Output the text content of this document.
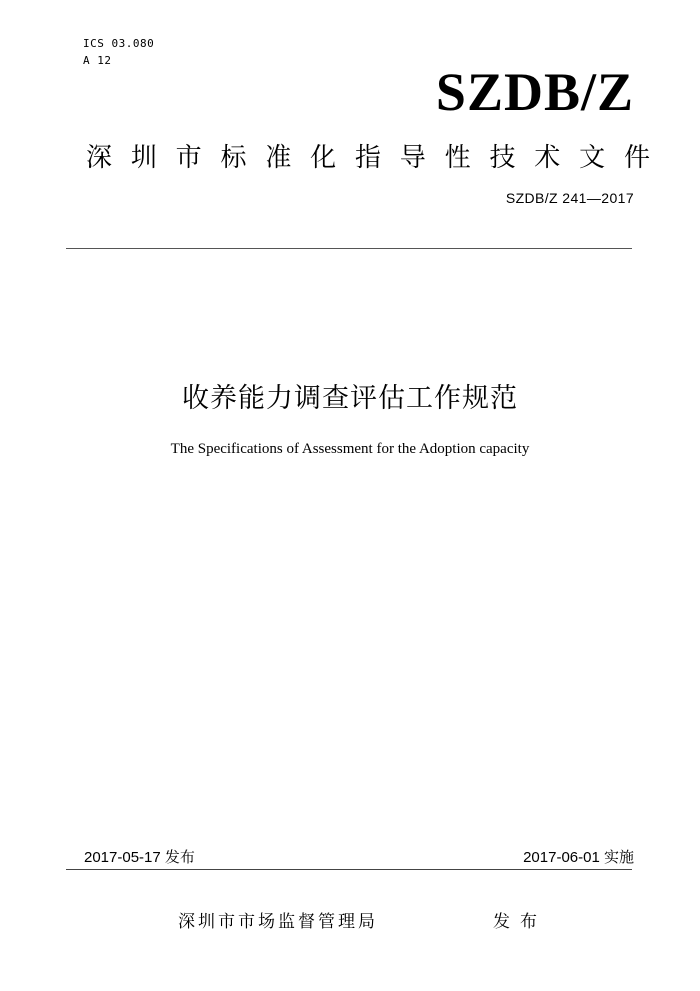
ICS 03.080
A 12
SZDB/Z
深 圳 市 标 准 化 指 导 性 技 术 文 件
SZDB/Z 241—2017
收养能力调查评估工作规范
The Specifications of Assessment for the Adoption capacity
2017-05-17 发布	2017-06-01 实施
深圳市市场监督管理局	发布
